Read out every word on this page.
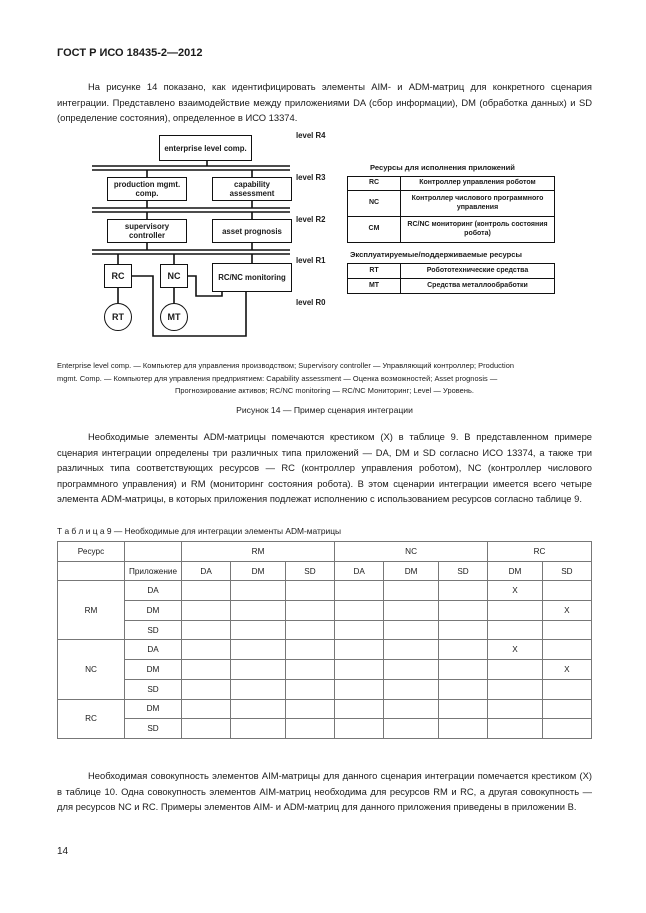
ГОСТ Р ИСО 18435-2—2012

На рисунке 14 показано, как идентифицировать элементы AIM- и ADM-матриц для конкретного сценария интеграции. Представлено взаимодействие между приложениями DA (сбор информации), DM (обработка данных) и SD (определение состояния), определенное в ИСО 13374.

enterprise level comp.
production mgmt. comp.
capability assessment
supervisory controller	asset prognosis
RC	NC	RC/NC monitoring
RT	MT
level R4
level R3
level R2
level R1
level R0
Ресурсы для исполнения приложений
RC	Контроллер управления роботом
NC	Контроллер числового программного управления
CM	RC/NC мониторинг (контроль состояния робота)
Эксплуатируемые/поддерживаемые ресурсы
RT	Робототехнические средства
MT	Средства металлообработки
Enterprise level comp. — Компьютер для управления производством; Supervisory controller — Управляющий контроллер; Production
mgmt. Comp. — Компьютер для управления предприятием: Capability assessment — Оценка возможностей; Asset prognosis —
Прогнозирование активов; RC/NC monitoring — RC/NC Мониторинг; Level — Уровень.
Рисунок 14 — Пример сценария интеграции

Необходимые элементы ADM-матрицы помечаются крестиком (X) в таблице 9. В представленном примере сценария интеграции определены три различных типа приложений — DA, DM и SD согласно ИСО 13374, а также три различных типа соответствующих ресурсов — RC (контроллер управления роботом), NC (контроллер числового программного управления) и RM (мониторинг состояния робота). В этом сценарии интеграции имеется всего четыре элемента ADM-матрицы, в которых приложения подлежат исполнению с использованием ресурсов согласно таблице 9.

Т а б л и ц а 9 — Необходимые для интеграции элементы ADM-матрицы
Ресурс		RM			NC			RC	
	Приложение	DA	DM	SD	DA	DM	SD	DM	SD
RM	DA							X	
	DM								X
	SD								
NC	DA							X	
	DM								X
	SD								
RC	DM								
	SD								

Необходимая совокупность элементов AIM-матрицы для данного сценария интеграции помечается крестиком (X) в таблице 10. Одна совокупность элементов AIM-матриц необходима для ресурсов RM и RC, а другая совокупность — для ресурсов NC и RC. Примеры элементов AIM- и ADM-матриц для данного приложения приведены в приложении B.

14
